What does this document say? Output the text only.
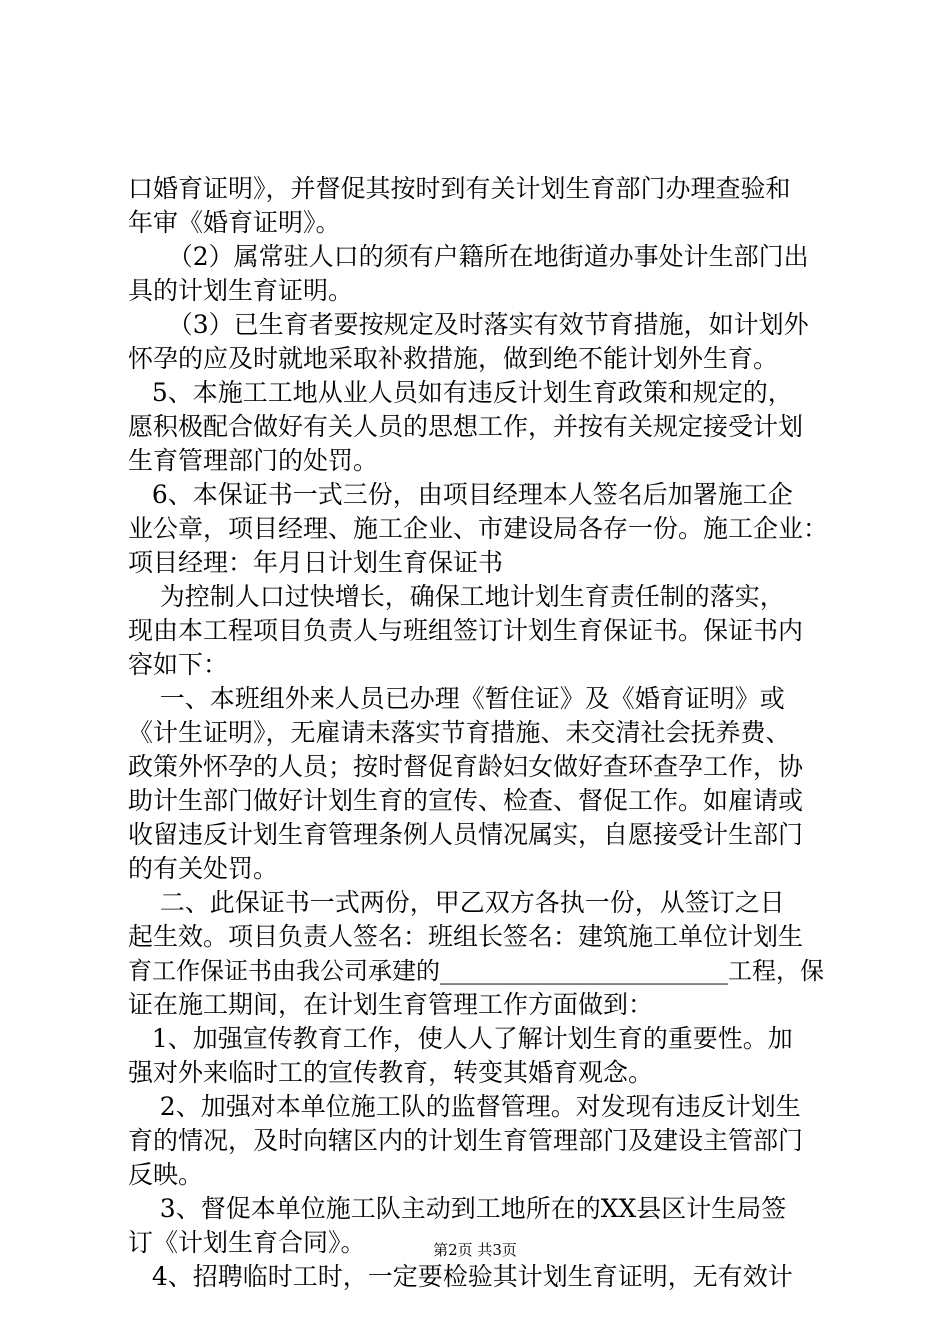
口婚育证明》，并督促其按时到有关计划生育部门办理查验和
年审《婚育证明》。
（2）属常驻人口的须有户籍所在地街道办事处计生部门出
具的计划生育证明。
（3）已生育者要按规定及时落实有效节育措施，如计划外
怀孕的应及时就地采取补救措施，做到绝不能计划外生育。
5、本施工工地从业人员如有违反计划生育政策和规定的，
愿积极配合做好有关人员的思想工作，并按有关规定接受计划
生育管理部门的处罚。
6、本保证书一式三份，由项目经理本人签名后加署施工企
业公章，项目经理、施工企业、市建设局各存一份。施工企业：
项目经理：年月日计划生育保证书
为控制人口过快增长，确保工地计划生育责任制的落实，
现由本工程项目负责人与班组签订计划生育保证书。保证书内
容如下：
一、本班组外来人员已办理《暂住证》及《婚育证明》或
《计生证明》，无雇请未落实节育措施、未交清社会抚养费、
政策外怀孕的人员；按时督促育龄妇女做好查环查孕工作，协
助计生部门做好计划生育的宣传、检查、督促工作。如雇请或
收留违反计划生育管理条例人员情况属实，自愿接受计生部门
的有关处罚。
二、此保证书一式两份，甲乙双方各执一份，从签订之日
起生效。项目负责人签名：班组长签名：建筑施工单位计划生
育工作保证书由我公司承建的________________________工程，保
证在施工期间，在计划生育管理工作方面做到：
1、加强宣传教育工作，使人人了解计划生育的重要性。加
强对外来临时工的宣传教育，转变其婚育观念。
2、加强对本单位施工队的监督管理。对发现有违反计划生
育的情况，及时向辖区内的计划生育管理部门及建设主管部门
反映。
3、督促本单位施工队主动到工地所在的XX县区计生局签
订《计划生育合同》。
4、招聘临时工时，一定要检验其计划生育证明，无有效计
第2页 共3页
